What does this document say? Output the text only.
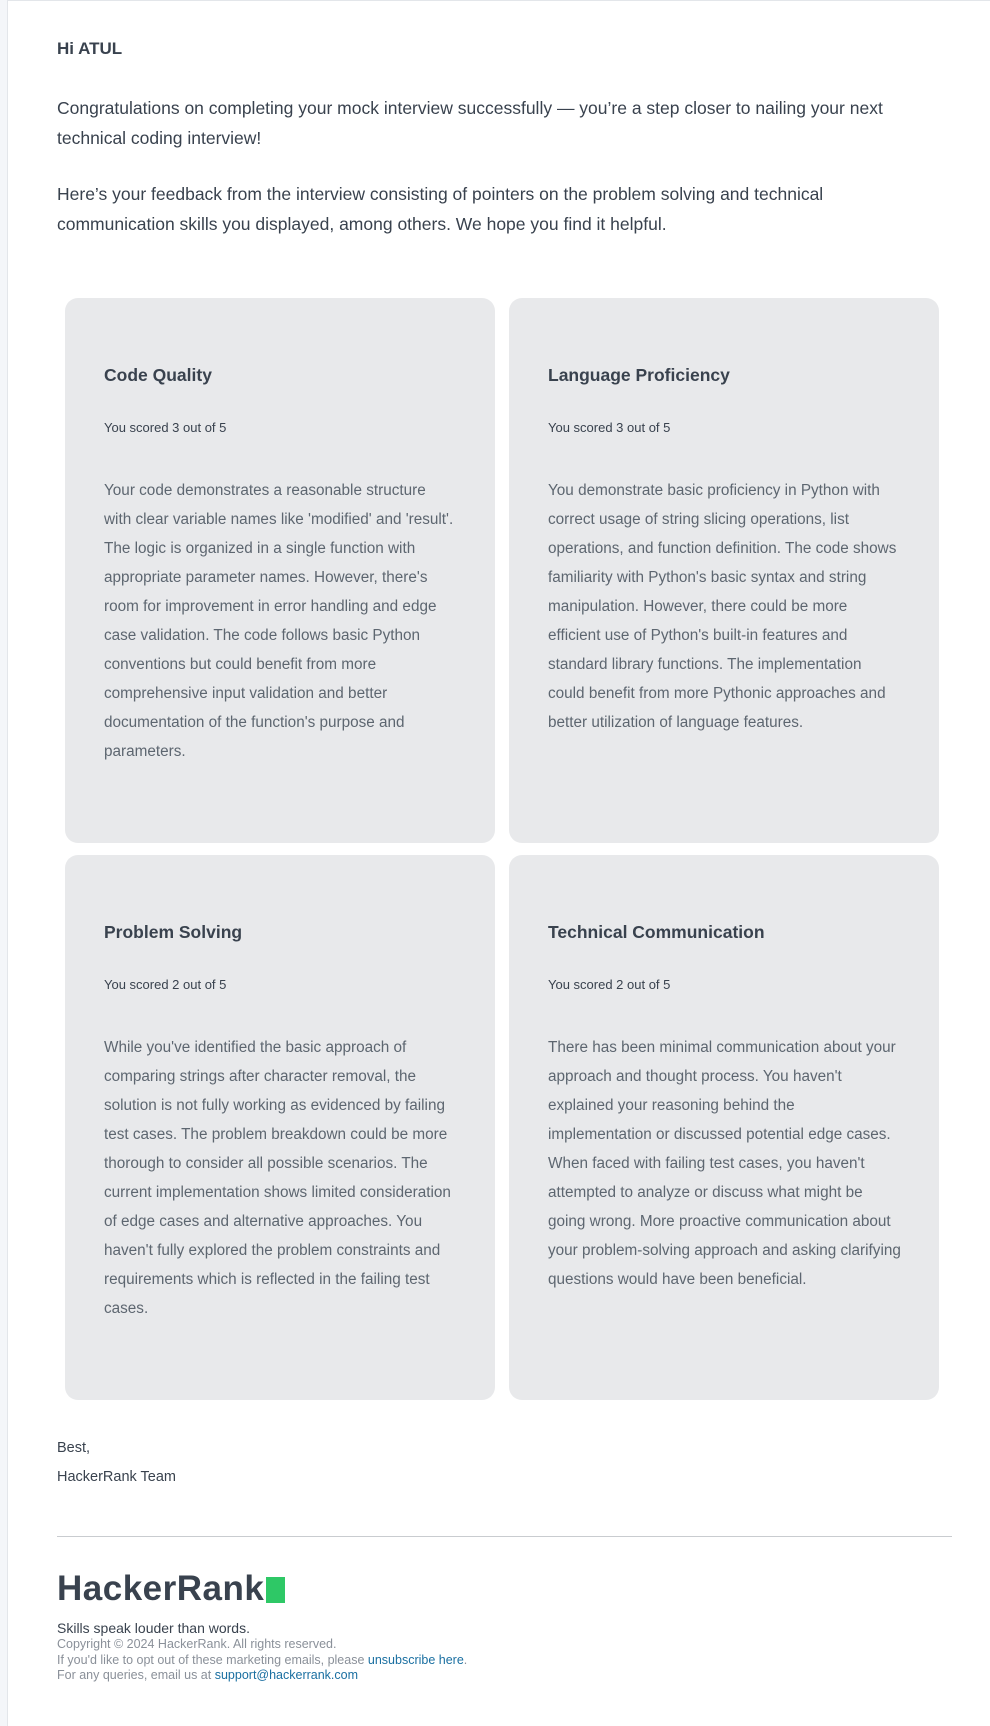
Hi ATUL

Congratulations on completing your mock interview successfully — you’re a step closer to nailing your next technical coding interview!

Here’s your feedback from the interview consisting of pointers on the problem solving and technical communication skills you displayed, among others. We hope you find it helpful.

Code Quality
You scored 3 out of 5
Your code demonstrates a reasonable structure with clear variable names like 'modified' and 'result'. The logic is organized in a single function with appropriate parameter names. However, there's room for improvement in error handling and edge case validation. The code follows basic Python conventions but could benefit from more comprehensive input validation and better documentation of the function's purpose and parameters.
Language Proficiency
You scored 3 out of 5
You demonstrate basic proficiency in Python with correct usage of string slicing operations, list operations, and function definition. The code shows familiarity with Python's basic syntax and string manipulation. However, there could be more efficient use of Python's built-in features and standard library functions. The implementation could benefit from more Pythonic approaches and better utilization of language features.
Problem Solving
You scored 2 out of 5
While you've identified the basic approach of comparing strings after character removal, the solution is not fully working as evidenced by failing test cases. The problem breakdown could be more thorough to consider all possible scenarios. The current implementation shows limited consideration of edge cases and alternative approaches. You haven't fully explored the problem constraints and requirements which is reflected in the failing test cases.
Technical Communication
You scored 2 out of 5
There has been minimal communication about your approach and thought process. You haven't explained your reasoning behind the implementation or discussed potential edge cases. When faced with failing test cases, you haven't attempted to analyze or discuss what might be going wrong. More proactive communication about your problem-solving approach and asking clarifying questions would have been beneficial.
Best,
HackerRank Team
HackerRank
Skills speak louder than words.
Copyright © 2024 HackerRank. All rights reserved.
If you'd like to opt out of these marketing emails, please unsubscribe here.
For any queries, email us at support@hackerrank.com
